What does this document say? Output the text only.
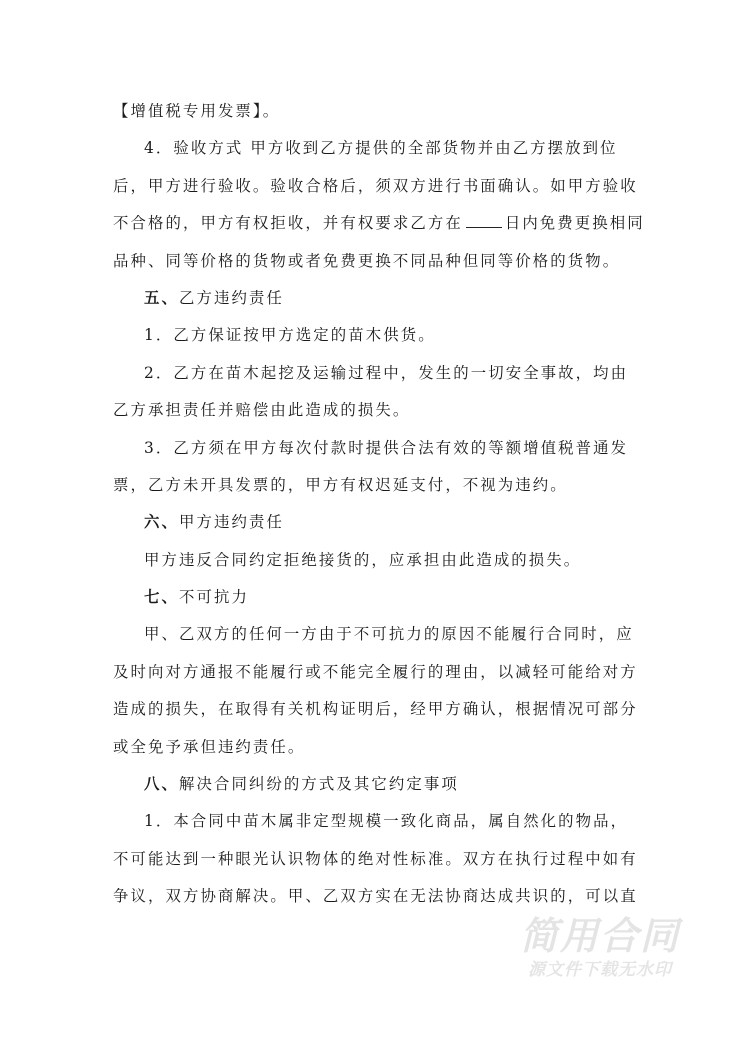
【增值税专用发票】。
4．验收方式 甲方收到乙方提供的全部货物并由乙方摆放到位
后，甲方进行验收。验收合格后，须双方进行书面确认。如甲方验收
不合格的，甲方有权拒收，并有权要求乙方在	日内免费更换相同
品种、同等价格的货物或者免费更换不同品种但同等价格的货物。
五、乙方违约责任
1．乙方保证按甲方选定的苗木供货。
2．乙方在苗木起挖及运输过程中，发生的一切安全事故，均由
乙方承担责任并赔偿由此造成的损失。
3．乙方须在甲方每次付款时提供合法有效的等额增值税普通发
票，乙方未开具发票的，甲方有权迟延支付，不视为违约。
六、甲方违约责任
甲方违反合同约定拒绝接货的，应承担由此造成的损失。
七、不可抗力
甲、乙双方的任何一方由于不可抗力的原因不能履行合同时，应
及时向对方通报不能履行或不能完全履行的理由，以减轻可能给对方
造成的损失，在取得有关机构证明后，经甲方确认，根据情况可部分
或全免予承但违约责任。
八、解决合同纠纷的方式及其它约定事项
1．本合同中苗木属非定型规模一致化商品，属自然化的物品，
不可能达到一种眼光认识物体的绝对性标准。双方在执行过程中如有
争议，双方协商解决。甲、乙双方实在无法协商达成共识的，可以直
简用合同
源文件下载无水印
